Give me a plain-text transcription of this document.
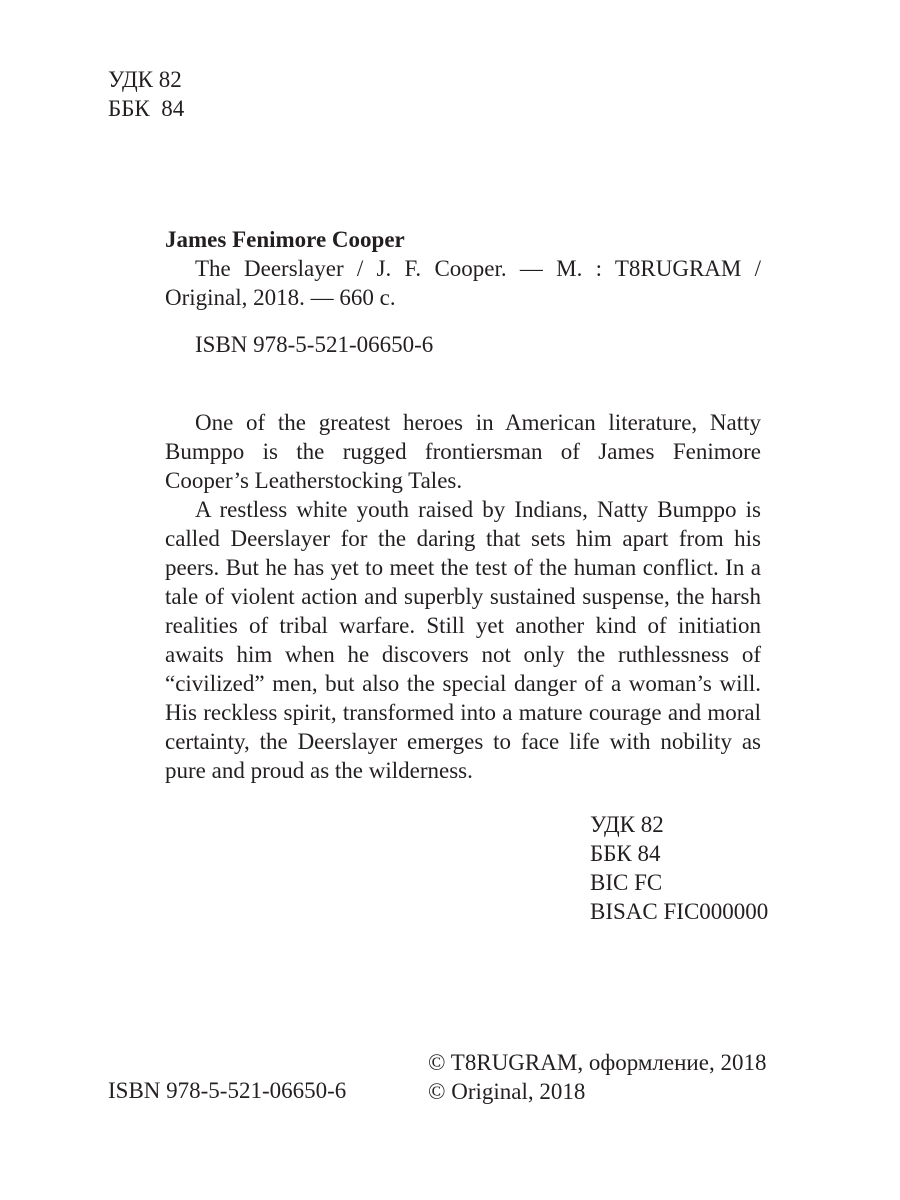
УДК 82
ББК  84
James Fenimore Cooper
The Deerslayer / J. F. Cooper. — M. : T8RUGRAM / Original, 2018. — 660 c.
ISBN 978-5-521-06650-6

One of the greatest heroes in American literature, Natty Bumppo is the rugged frontiersman of James Fenimore Cooper’s Leatherstocking Tales.

A restless white youth raised by Indians, Natty Bumppo is called Deerslayer for the daring that sets him apart from his peers. But he has yet to meet the test of the human conflict. In a tale of violent action and superbly sustained suspense, the harsh realities of tribal warfare. Still yet another kind of initiation awaits him when he discovers not only the ruthlessness of “civilized” men, but also the special danger of a woman’s will. His reckless spirit, transformed into a mature courage and moral certainty, the Deerslayer emerges to face life with nobility as pure and proud as the wilderness.

УДК 82
ББК 84
BIC FC
BISAC FIC000000
ISBN 978-5-521-06650-6
© T8RUGRAM, оформление, 2018
© Original, 2018
